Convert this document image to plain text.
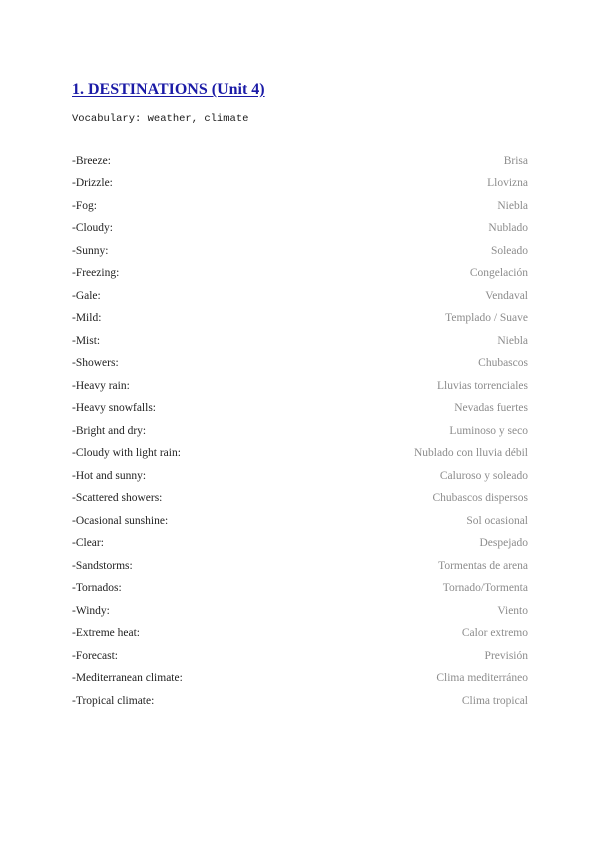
1. DESTINATIONS (Unit 4)

Vocabulary: weather, climate

-Breeze:	Brisa
-Drizzle:	Llovizna
-Fog:	Niebla
-Cloudy:	Nublado
-Sunny:	Soleado
-Freezing:	Congelación
-Gale:	Vendaval
-Mild:	Templado / Suave
-Mist:	Niebla
-Showers:	Chubascos
-Heavy rain:	Lluvias torrenciales
-Heavy snowfalls:	Nevadas fuertes
-Bright and dry:	Luminoso y seco
-Cloudy with light rain:	Nublado con lluvia débil
-Hot and sunny:	Caluroso y soleado
-Scattered showers:	Chubascos dispersos
-Ocasional sunshine:	Sol ocasional
-Clear:	Despejado
-Sandstorms:	Tormentas de arena
-Tornados:	Tornado/Tormenta
-Windy:	Viento
-Extreme heat:	Calor extremo
-Forecast:	Previsión
-Mediterranean climate:	Clima mediterráneo
-Tropical climate:	Clima tropical
